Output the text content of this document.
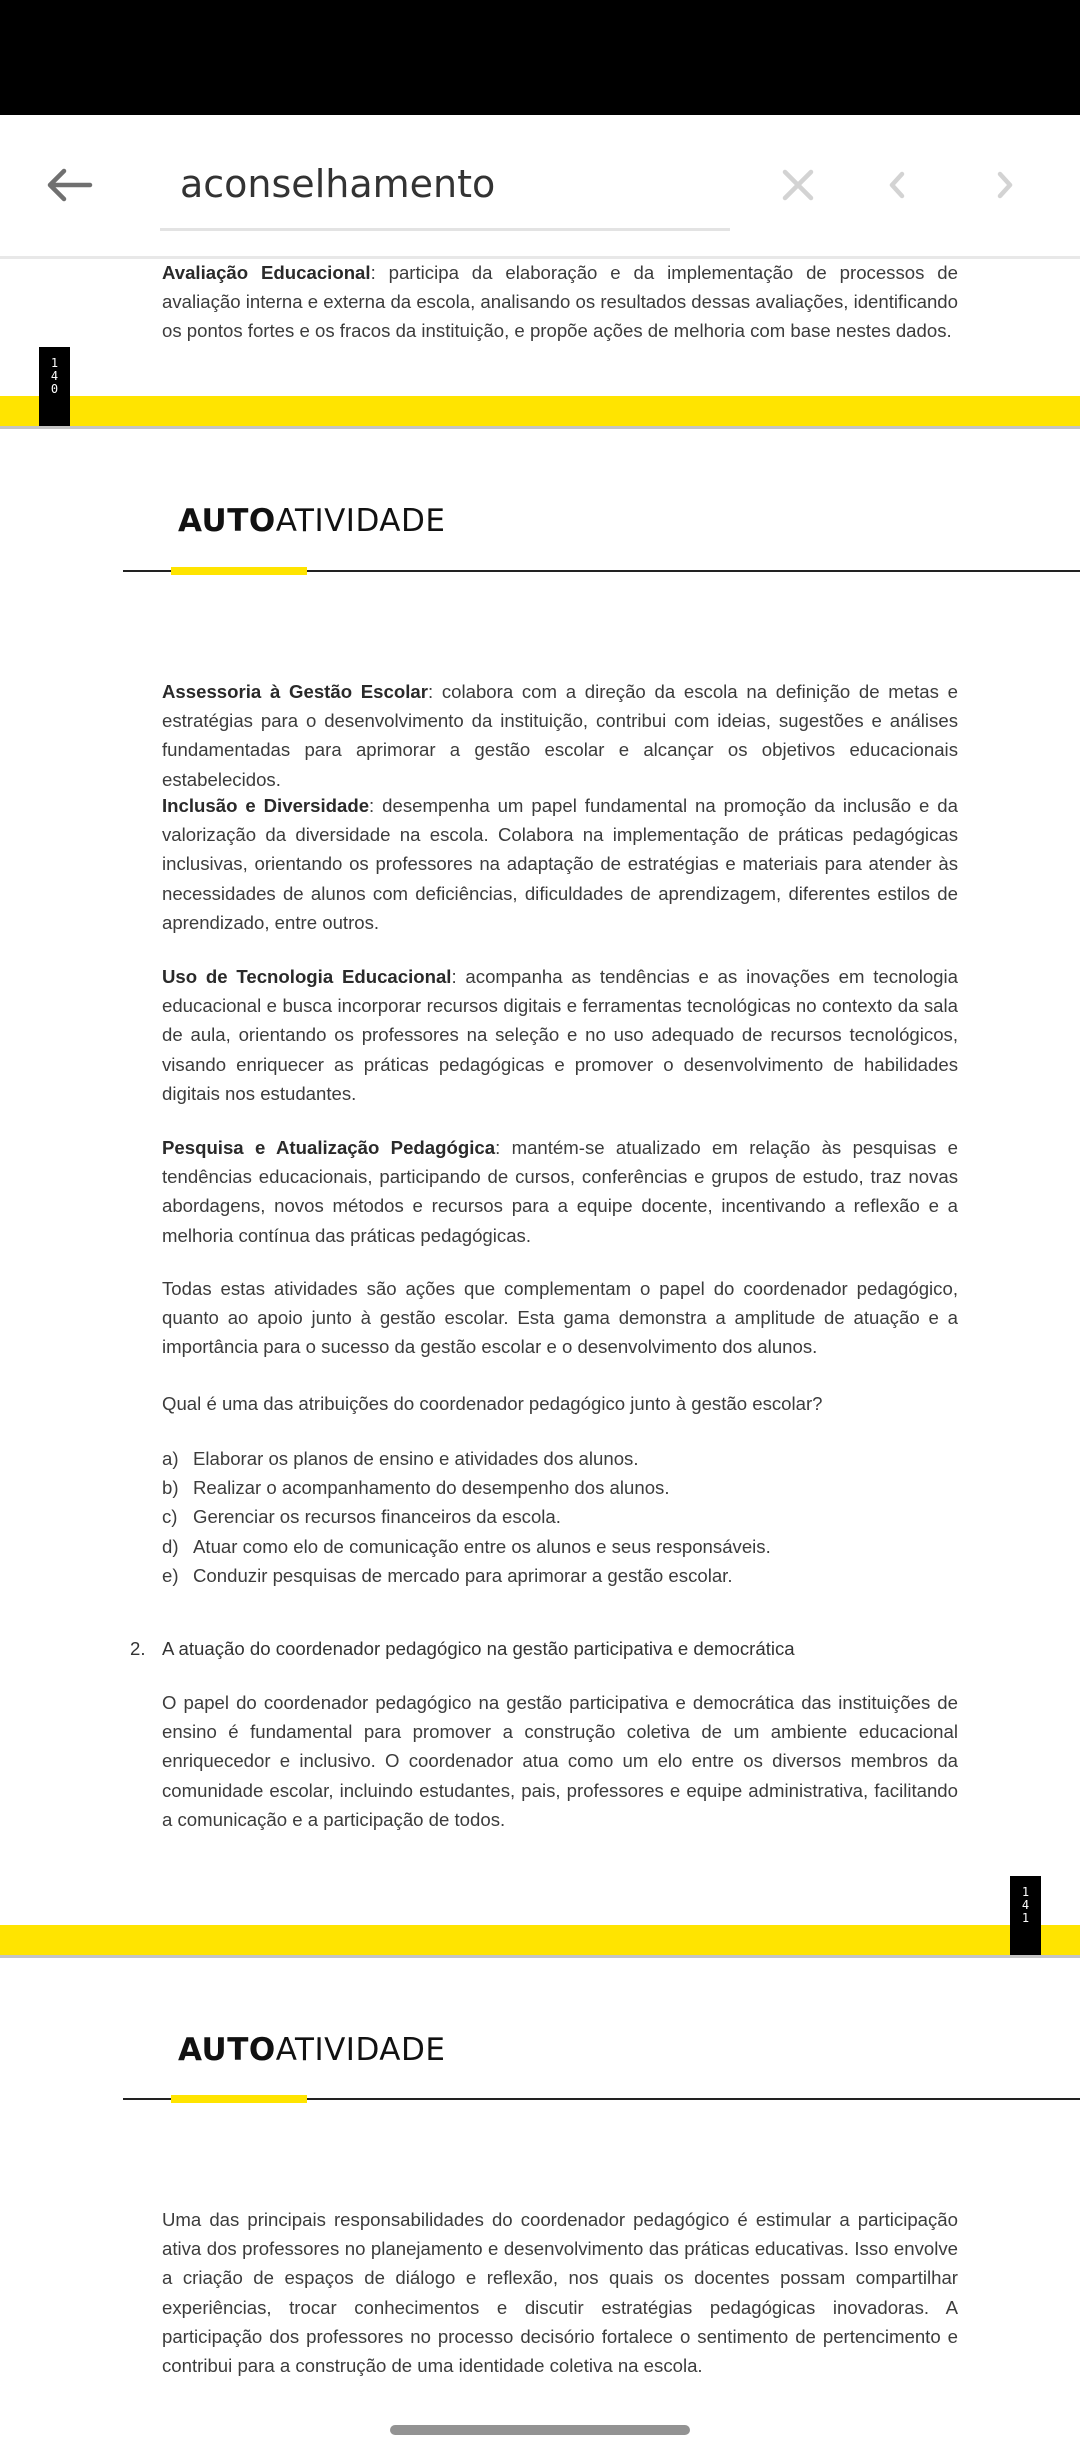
aconselhamento
Avaliação Educacional: participa da elaboração e da implementação de processos de avaliação interna e externa da escola, analisando os resultados dessas avaliações, identificando os pontos fortes e os fracos da instituição, e propõe ações de melhoria com base nestes dados.
1
4
0
AUTOATIVIDADE
Assessoria à Gestão Escolar: colabora com a direção da escola na definição de metas e estratégias para o desenvolvimento da instituição, contribui com ideias, sugestões e análises fundamentadas para aprimorar a gestão escolar e alcançar os objetivos educacionais estabelecidos.
Inclusão e Diversidade: desempenha um papel fundamental na promoção da inclusão e da valorização da diversidade na escola. Colabora na implementação de práticas pedagógicas inclusivas, orientando os professores na adaptação de estratégias e materiais para atender às necessidades de alunos com deficiências, dificuldades de aprendizagem, diferentes estilos de aprendizado, entre outros.
Uso de Tecnologia Educacional: acompanha as tendências e as inovações em tecnologia educacional e busca incorporar recursos digitais e ferramentas tecnológicas no contexto da sala de aula, orientando os professores na seleção e no uso adequado de recursos tecnológicos, visando enriquecer as práticas pedagógicas e promover o desenvolvimento de habilidades digitais nos estudantes.
Pesquisa e Atualização Pedagógica: mantém-se atualizado em relação às pesquisas e tendências educacionais, participando de cursos, conferências e grupos de estudo, traz novas abordagens, novos métodos e recursos para a equipe docente, incentivando a reflexão e a melhoria contínua das práticas pedagógicas.
Todas estas atividades são ações que complementam o papel do coordenador pedagógico, quanto ao apoio junto à gestão escolar. Esta gama demonstra a amplitude de atuação e a importância para o sucesso da gestão escolar e o desenvolvimento dos alunos.
Qual é uma das atribuições do coordenador pedagógico junto à gestão escolar?
a) Elaborar os planos de ensino e atividades dos alunos.
b) Realizar o acompanhamento do desempenho dos alunos.
c) Gerenciar os recursos financeiros da escola.
d) Atuar como elo de comunicação entre os alunos e seus responsáveis.
e) Conduzir pesquisas de mercado para aprimorar a gestão escolar.
2. A atuação do coordenador pedagógico na gestão participativa e democrática
O papel do coordenador pedagógico na gestão participativa e democrática das instituições de ensino é fundamental para promover a construção coletiva de um ambiente educacional enriquecedor e inclusivo. O coordenador atua como um elo entre os diversos membros da comunidade escolar, incluindo estudantes, pais, professores e equipe administrativa, facilitando a comunicação e a participação de todos.
1
4
1
AUTOATIVIDADE
Uma das principais responsabilidades do coordenador pedagógico é estimular a participação ativa dos professores no planejamento e desenvolvimento das práticas educativas. Isso envolve a criação de espaços de diálogo e reflexão, nos quais os docentes possam compartilhar experiências, trocar conhecimentos e discutir estratégias pedagógicas inovadoras. A participação dos professores no processo decisório fortalece o sentimento de pertencimento e contribui para a construção de uma identidade coletiva na escola.
